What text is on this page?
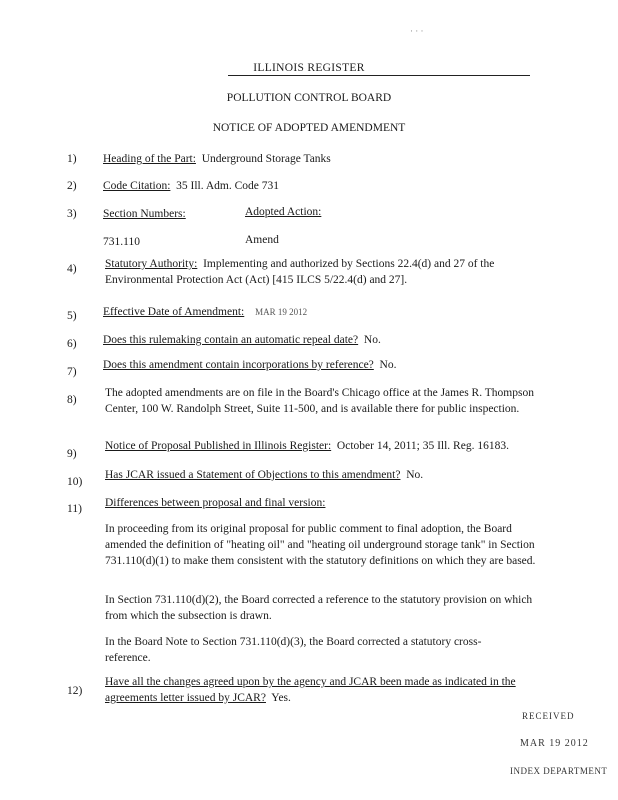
· · ·
ILLINOIS REGISTER
POLLUTION CONTROL BOARD
NOTICE OF ADOPTED AMENDMENT
1) Heading of the Part: Underground Storage Tanks
2) Code Citation: 35 Ill. Adm. Code 731
3) Section Numbers:	Adopted Action:
731.110	Amend
4) Statutory Authority: Implementing and authorized by Sections 22.4(d) and 27 of the Environmental Protection Act (Act) [415 ILCS 5/22.4(d) and 27].
5) Effective Date of Amendment: MAR 19 2012
6) Does this rulemaking contain an automatic repeal date? No.
7)
Does this amendment contain incorporations by reference? No.
8)
The adopted amendments are on file in the Board's Chicago office at the James R. Thompson Center, 100 W. Randolph Street, Suite 11-500, and is available there for public inspection.
9)
Notice of Proposal Published in Illinois Register: October 14, 2011; 35 Ill. Reg. 16183.
10)
Has JCAR issued a Statement of Objections to this amendment? No.
11) Differences between proposal and final version:
In proceeding from its original proposal for public comment to final adoption, the Board amended the definition of "heating oil" and "heating oil underground storage tank" in Section 731.110(d)(1) to make them consistent with the statutory definitions on which they are based.
In Section 731.110(d)(2), the Board corrected a reference to the statutory provision on which from which the subsection is drawn.
In the Board Note to Section 731.110(d)(3), the Board corrected a statutory cross-reference.
12)
Have all the changes agreed upon by the agency and JCAR been made as indicated in the agreements letter issued by JCAR? Yes.
RECEIVED
MAR 19 2012
INDEX DEPARTMENT
